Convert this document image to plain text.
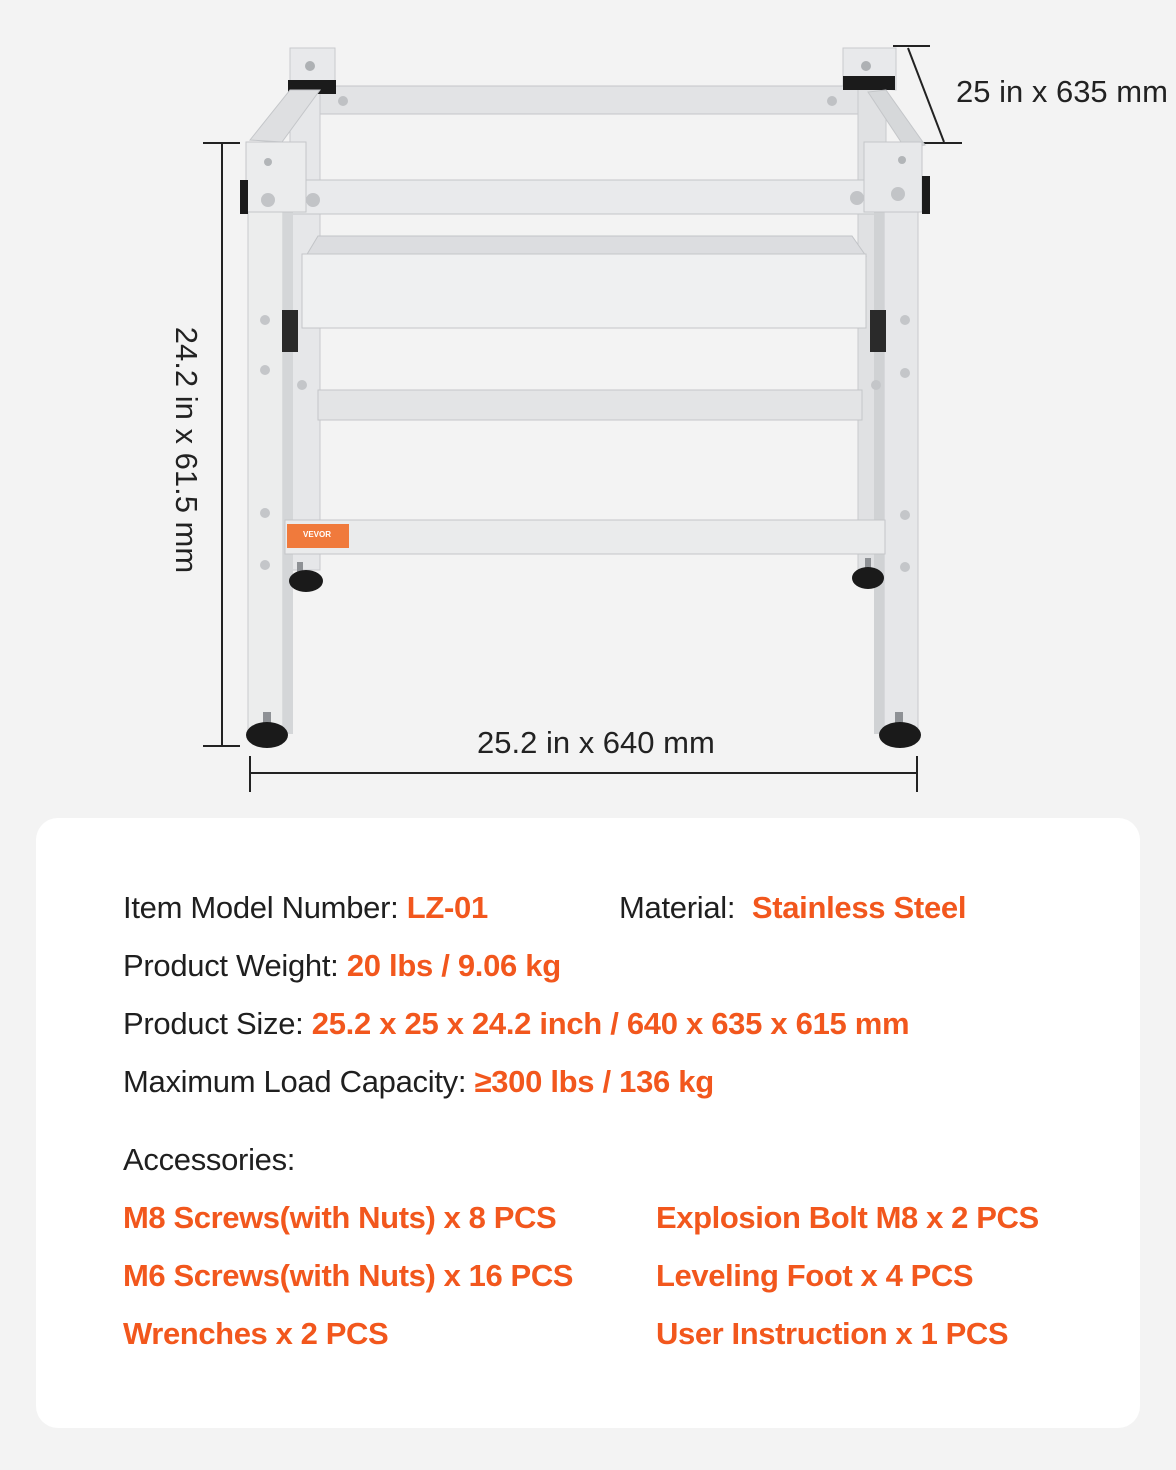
VEVOR
25 in x 635 mm
25.2 in x 640 mm
24.2 in x 61.5 mm
Item Model Number: LZ-01	Material: Stainless Steel
Product Weight: 20 lbs / 9.06 kg
Product Size: 25.2 x 25 x 24.2 inch / 640 x 635 x 615 mm
Maximum Load Capacity: ≥300 lbs / 136 kg
Accessories:
M8 Screws(with Nuts) x 8 PCS
M6 Screws(with Nuts) x 16 PCS
Wrenches x 2 PCS
Explosion Bolt M8 x 2 PCS
Leveling Foot x 4 PCS
User Instruction x 1 PCS
